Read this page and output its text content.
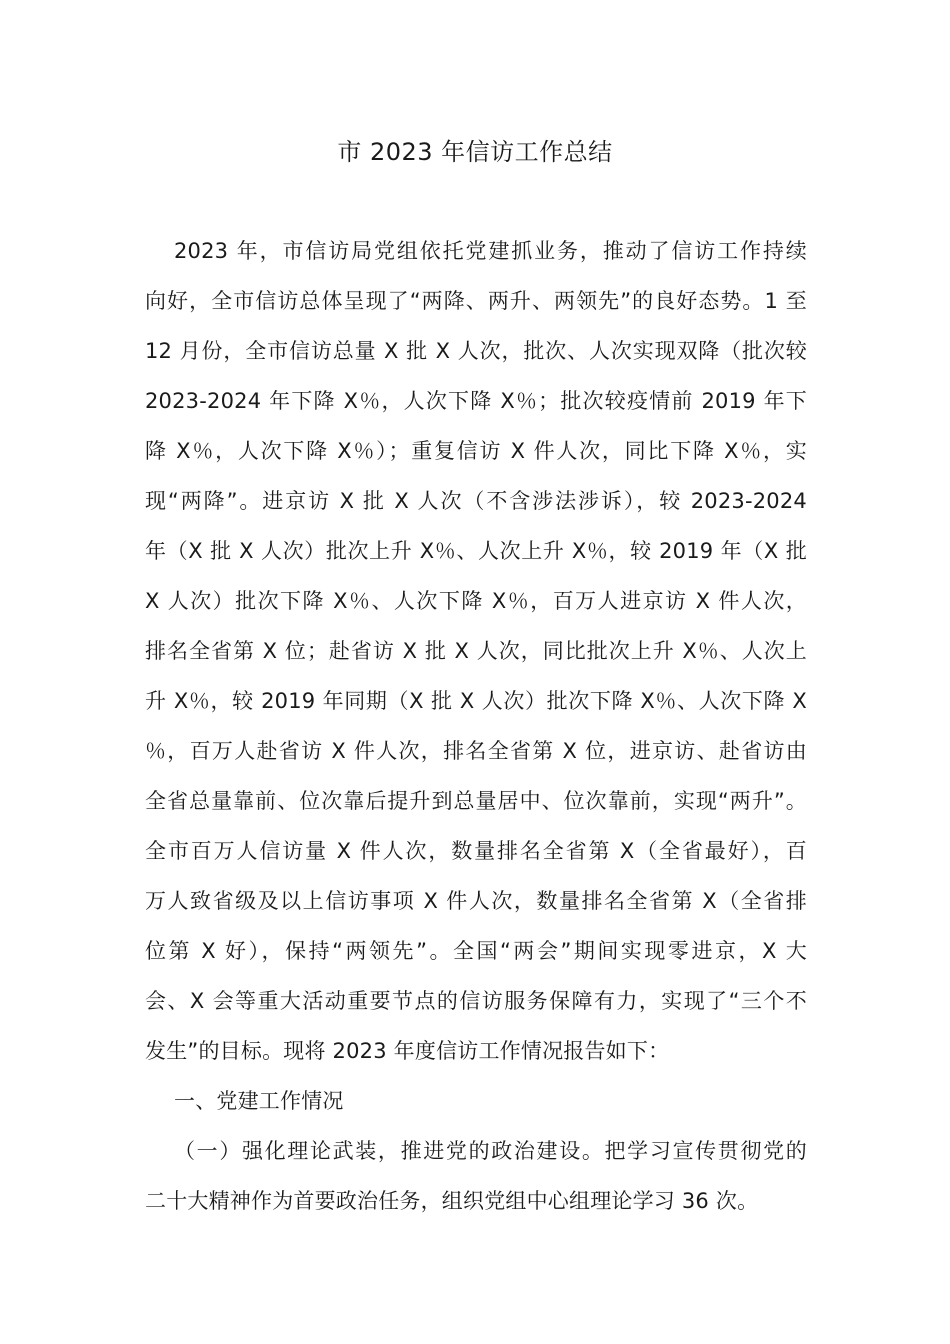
市 2023 年信访工作总结
2023 年，市信访局党组依托党建抓业务，推动了信访工作持续
向好，全市信访总体呈现了“两降、两升、两领先”的良好态势。1 至
12 月份，全市信访总量 X 批 X 人次，批次、人次实现双降（批次较
2023-2024 年下降 X％，人次下降 X％；批次较疫情前 2019 年下
降 X％，人次下降 X％）；重复信访 X 件人次，同比下降 X％，实
现“两降”。进京访 X 批 X 人次（不含涉法涉诉），较 2023-2024
年（X 批 X 人次）批次上升 X％、人次上升 X％，较 2019 年（X 批
X 人次）批次下降 X％、人次下降 X％，百万人进京访 X 件人次，
排名全省第 X 位；赴省访 X 批 X 人次，同比批次上升 X％、人次上
升 X％，较 2019 年同期（X 批 X 人次）批次下降 X％、人次下降 X
％，百万人赴省访 X 件人次，排名全省第 X 位，进京访、赴省访由
全省总量靠前、位次靠后提升到总量居中、位次靠前，实现“两升”。
全市百万人信访量 X 件人次，数量排名全省第 X（全省最好），百
万人致省级及以上信访事项 X 件人次，数量排名全省第 X（全省排
位第 X 好），保持“两领先”。全国“两会”期间实现零进京，X 大
会、X 会等重大活动重要节点的信访服务保障有力，实现了“三个不
发生”的目标。现将 2023 年度信访工作情况报告如下：
一、党建工作情况
（一）强化理论武装，推进党的政治建设。把学习宣传贯彻党的
二十大精神作为首要政治任务，组织党组中心组理论学习 36 次。
